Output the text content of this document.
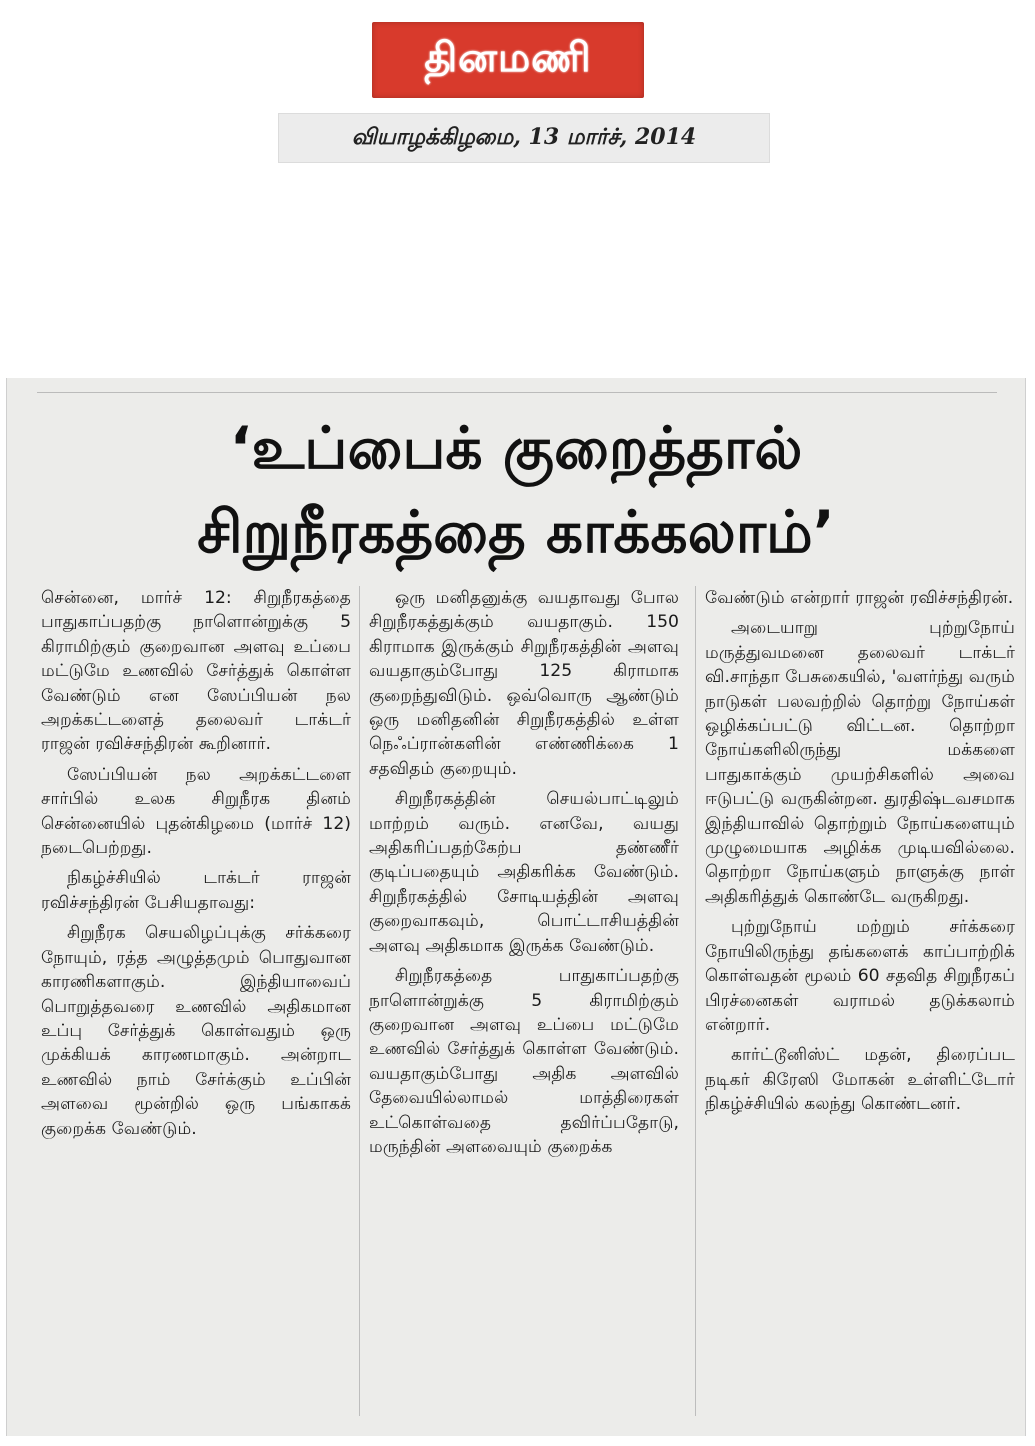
தினமணி
வியாழக்கிழமை, 13 மார்ச், 2014
‘உப்பைக் குறைத்தால்
சிறுநீரகத்தை காக்கலாம்’

சென்னை, மார்ச் 12: சிறுநீரகத்தை பாதுகாப்பதற்கு நாளொன்றுக்கு 5 கிராமிற்கும் குறைவான அளவு உப்பை மட்டுமே உணவில் சேர்த்துக் கொள்ள வேண்டும் என ஸேப்பியன் நல அறக்கட்டளைத் தலைவர் டாக்டர் ராஜன் ரவிச்சந்திரன் கூறினார்.

ஸேப்பியன் நல அறக்கட்டளை சார்பில் உலக சிறுநீரக தினம் சென்னையில் புதன்கிழமை (மார்ச் 12) நடைபெற்றது.

நிகழ்ச்சியில் டாக்டர் ராஜன் ரவிச்சந்திரன் பேசியதாவது:

சிறுநீரக செயலிழப்புக்கு சர்க்கரை நோயும், ரத்த அழுத்தமும் பொதுவான காரணிகளாகும். இந்தியாவைப் பொறுத்தவரை உணவில் அதிகமான உப்பு சேர்த்துக் கொள்வதும் ஒரு முக்கியக் காரணமாகும். அன்றாட உணவில் நாம் சேர்க்கும் உப்பின் அளவை மூன்றில் ஒரு பங்காகக் குறைக்க வேண்டும்.

ஒரு மனிதனுக்கு வயதாவது போல சிறுநீரகத்துக்கும் வயதாகும். 150 கிராமாக இருக்கும் சிறுநீரகத்தின் அளவு வயதாகும்போது 125 கிராமாக குறைந்துவிடும். ஒவ்வொரு ஆண்டும் ஒரு மனிதனின் சிறுநீரகத்தில் உள்ள நெஃப்ரான்களின் எண்ணிக்கை 1 சதவிதம் குறையும்.

சிறுநீரகத்தின் செயல்பாட்டிலும் மாற்றம் வரும். எனவே, வயது அதிகரிப்பதற்கேற்ப தண்ணீர் குடிப்பதையும் அதிகரிக்க வேண்டும். சிறுநீரகத்தில் சோடியத்தின் அளவு குறைவாகவும், பொட்டாசியத்தின் அளவு அதிகமாக இருக்க வேண்டும்.

சிறுநீரகத்தை பாதுகாப்பதற்கு நாளொன்றுக்கு 5 கிராமிற்கும் குறைவான அளவு உப்பை மட்டுமே உணவில் சேர்த்துக் கொள்ள வேண்டும். வயதாகும்போது அதிக அளவில் தேவையில்லாமல் மாத்திரைகள் உட்கொள்வதை தவிர்ப்பதோடு, மருந்தின் அளவையும் குறைக்க

வேண்டும் என்றார் ராஜன் ரவிச்சந்திரன்.

அடையாறு புற்றுநோய் மருத்துவமனை தலைவர் டாக்டர் வி.சாந்தா பேசுகையில், 'வளர்ந்து வரும் நாடுகள் பலவற்றில் தொற்று நோய்கள் ஒழிக்கப்பட்டு விட்டன. தொற்றா நோய்களிலிருந்து மக்களை பாதுகாக்கும் முயற்சிகளில் அவை ஈடுபட்டு வருகின்றன. துரதிஷ்டவசமாக இந்தியாவில் தொற்றும் நோய்களையும் முழுமையாக அழிக்க முடியவில்லை. தொற்றா நோய்களும் நாளுக்கு நாள் அதிகரித்துக் கொண்டே வருகிறது.

புற்றுநோய் மற்றும் சர்க்கரை நோயிலிருந்து தங்களைக் காப்பாற்றிக் கொள்வதன் மூலம் 60 சதவித சிறுநீரகப் பிரச்னைகள் வராமல் தடுக்கலாம் என்றார்.

கார்ட்டூனிஸ்ட் மதன், திரைப்பட நடிகர் கிரேஸி மோகன் உள்ளிட்டோர் நிகழ்ச்சியில் கலந்து கொண்டனர்.
